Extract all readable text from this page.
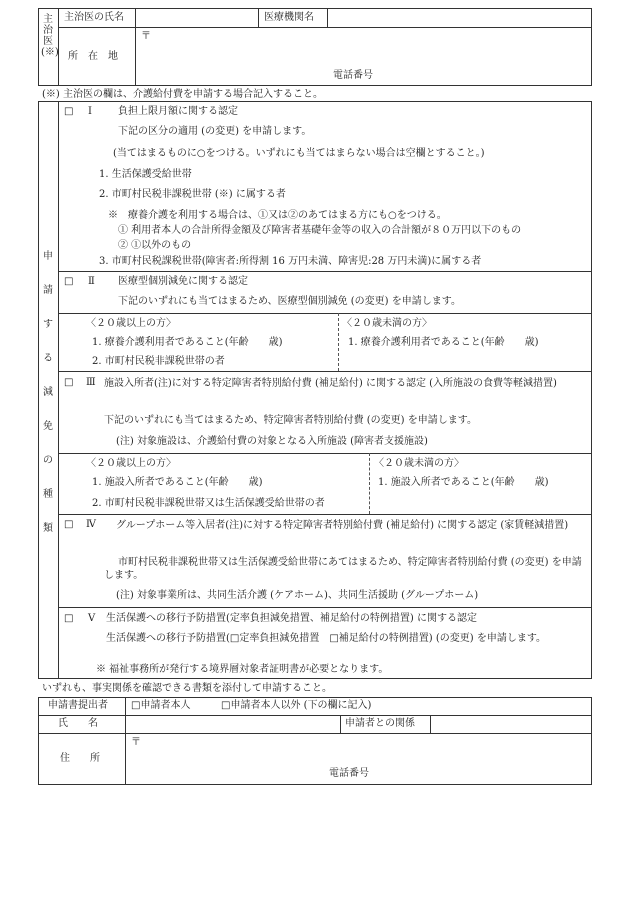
主治医(※)
主治医の氏名	医療機関名
所　在　地
〒
電話番号
(※) 主治医の欄は、介護給付費を申請する場合記入すること。
申
請
す
る
減
免
の
種
類
□ Ⅰ	負担上限月額に関する認定
下記の区分の適用 (の変更) を申請します。
(当てはまるものに○をつける。いずれにも当てはまらない場合は空欄とすること。)
1. 生活保護受給世帯
2. 市町村民税非課税世帯 (※) に属する者
※　療養介護を利用する場合は、①又は②のあてはまる方にも○をつける。
① 利用者本人の合計所得金額及び障害者基礎年金等の収入の合計額が８０万円以下のもの
② ①以外のもの
3. 市町村民税課税世帯(障害者:所得割 16 万円未満、障害児:28 万円未満)に属する者
□ Ⅱ 医療型個別減免に関する認定
下記のいずれにも当てはまるため、医療型個別減免 (の変更) を申請します。
〈２０歳以上の方〉
1. 療養介護利用者であること(年齢　　歳)
2. 市町村民税非課税世帯の者
〈２０歳未満の方〉
1. 療養介護利用者であること(年齢　　歳)
□ Ⅲ 施設入所者(注)に対する特定障害者特別給付費 (補足給付) に関する認定 (入所施設の食費等軽減措置)
下記のいずれにも当てはまるため、特定障害者特別給付費 (の変更) を申請します。
(注) 対象施設は、介護給付費の対象となる入所施設 (障害者支援施設)
〈２０歳以上の方〉
1. 施設入所者であること(年齢　　歳)
2. 市町村民税非課税世帯又は生活保護受給世帯の者
〈２０歳未満の方〉
1. 施設入所者であること(年齢　　歳)
□ Ⅳ	グループホーム等入居者(注)に対する特定障害者特別給付費 (補足給付) に関する認定 (家賃軽減措置)
市町村民税非課税世帯又は生活保護受給世帯にあてはまるため、特定障害者特別給付費 (の変更) を申請します。
(注) 対象事業所は、共同生活介護 (ケアホーム)、共同生活援助 (グループホーム)
□ Ⅴ 生活保護への移行予防措置(定率負担減免措置、補足給付の特例措置) に関する認定
生活保護への移行予防措置(□定率負担減免措置　□補足給付の特例措置) (の変更) を申請します。
※ 福祉事務所が発行する境界層対象者証明書が必要となります。
いずれも、事実関係を確認できる書類を添付して申請すること。
申請書提出者 □申請者本人	□申請者本人以外 (下の欄に記入)
氏　　名	申請者との関係
住　　所
〒
電話番号
